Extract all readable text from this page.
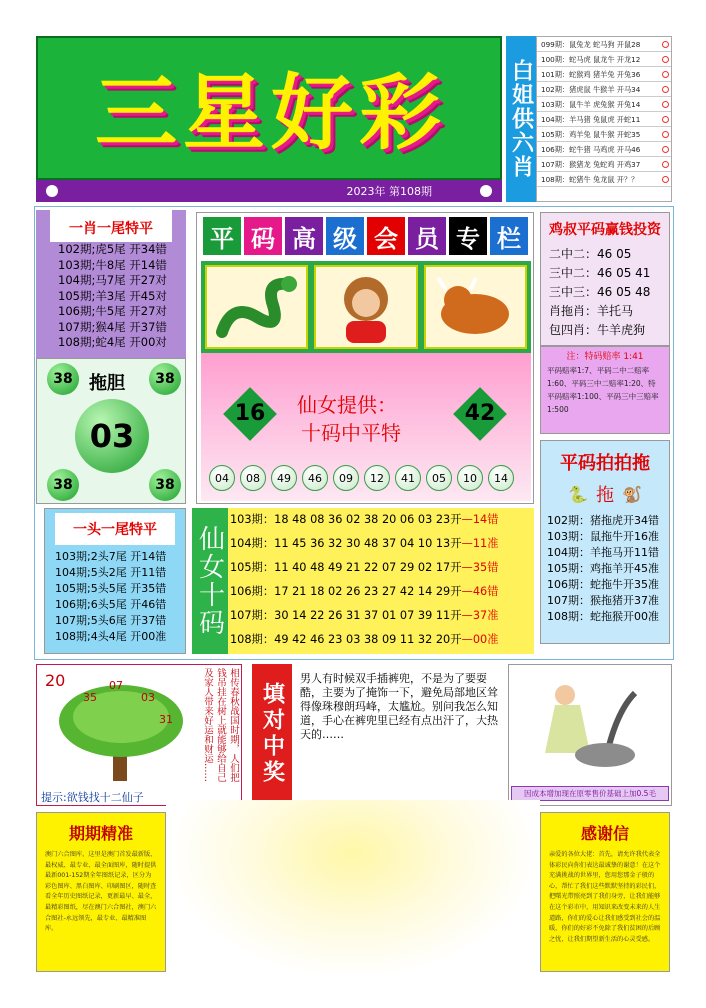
三星好彩
2023年 第108期
白姐供六肖
099期：鼠兔龙 蛇马狗 开鼠28
100期：蛇马虎 鼠龙牛 开龙12
101期：蛇猴鸡 猪羊兔 开兔36
102期：猪虎鼠 牛猴羊 开马34
103期：鼠牛羊 虎兔猴 开兔14
104期：羊马猪 兔鼠虎 开蛇11
105期：鸡羊兔 鼠牛猴 开蛇35
106期：蛇牛猪 马鸡虎 开马46
107期：猴猪龙 兔蛇鸡 开鸡37
108期：蛇猪牛 兔龙鼠 开？？
一肖一尾特平
102期;虎5尾 开34错
103期;牛8尾 开14错
104期;马7尾 开27对
105期;羊3尾 开45对
106期;牛5尾 开27对
107期;猴4尾 开37错
108期;蛇4尾 开00对
38	38
38	38
拖胆
03
平 码 高 级 会 员 专 栏
16	42
仙女提供：
十码中平特
04	08	49	46	09	12	41	05	10	14
鸡叔平码赢钱投资
二中二：46 05
三中二：46 05 41
三中三：46 05 48
肖拖肖：羊托马
包四肖：牛羊虎狗
注：特码赔率 1:41
平码赔率1:7、平码二中二赔率1:60、平码三中二赔率1:20、特平码赔率1:100、平码三中三赔率1:500
平码拍拍拖
🐍 拖 🐒
102期：猪拖虎开34错
103期：鼠拖牛开16准
104期：羊拖马开11错
105期：鸡拖羊开45准
106期：蛇拖牛开35准
107期：猴拖猪开37准
108期：蛇拖猴开00准
一头一尾特平
103期;2头7尾 开14错
104期;5头2尾 开11错
105期;5头5尾 开35错
106期;6头5尾 开46错
107期;5头6尾 开37错
108期;4头4尾 开00准	仙女十码
103期：18 48 08 36 02 38 20 06 03 23开—14错
104期：11 45 36 32 30 48 37 04 10 13开—11准
105期：11 40 48 49 21 22 07 29 02 17开—35错
106期：17 21 18 02 26 23 27 42 14 29开—46错
107期：30 14 22 26 31 37 01 07 39 11开—37准
108期：49 42 46 23 03 38 09 11 32 20开—00准
20
35
07
03
31
提示:欲钱找十二仙子
相传春秋战国时期，人们把钱吊挂在树上就能够给自己及家人带来好运和财运……	填对中奖
男人有时候双手插裤兜，不是为了要耍酷，主要为了掩饰一下，避免局部地区耸得像珠穆朗玛峰，太尴尬。别问我怎么知道，手心在裤兜里已经有点出汗了，大热天的……
因成本增加现在原零售价基础上加0.5毛
期期精准

澳门六合图库，这里是澳门首发最新版、最权威、最专业、最全面图库，随时提供最新001-152期全年图纸记录，区分为彩色图库、黑白图库、印刷图区，随时查看全年历史图纸记录，更新最早、最全，最精彩图纸，尽在澳门六合图社，澳门六合图社-永远领先，最专业、最精准图库。

感谢信

亲爱的各位大佬：首先，请允许我代表全体彩民向你们表达最诚挚的谢意！在这个充满挑战的世界里，您用您那金子般的心，帮忙了我们这些默默坚持的彩民们，把曙光带照亮到了我们身旁，让我们能够在这个彩市中，用知识来改变未来的人生道路，你们的爱心让我们感受到社会的温暖，你们的好彩不免除了我们贫困的后顾之忧，让我们期望新生活的心灵受感。
